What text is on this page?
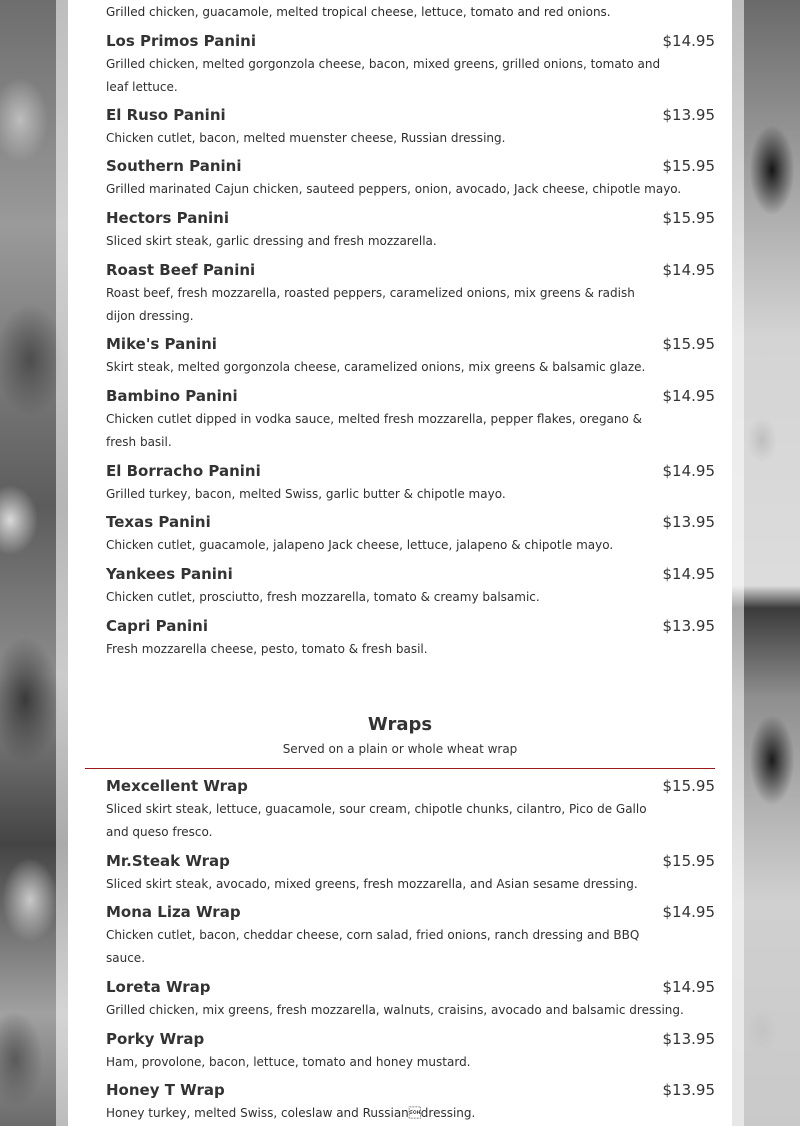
Grilled chicken, guacamole, melted tropical cheese, lettuce, tomato and red onions.
Los Primos Panini	$14.95
Grilled chicken, melted gorgonzola cheese, bacon, mixed greens, grilled onions, tomato and leaf lettuce.
El Ruso Panini	$13.95
Chicken cutlet, bacon, melted muenster cheese, Russian dressing.
Southern Panini	$15.95
Grilled marinated Cajun chicken, sauteed peppers, onion, avocado, Jack cheese, chipotle mayo.
Hectors Panini	$15.95
Sliced skirt steak, garlic dressing and fresh mozzarella.
Roast Beef Panini	$14.95
Roast beef, fresh mozzarella, roasted peppers, caramelized onions, mix greens & radish dijon dressing.
Mike's Panini	$15.95
Skirt steak, melted gorgonzola cheese, caramelized onions, mix greens & balsamic glaze.
Bambino Panini	$14.95
Chicken cutlet dipped in vodka sauce, melted fresh mozzarella, pepper flakes, oregano & fresh basil.
El Borracho Panini	$14.95
Grilled turkey, bacon, melted Swiss, garlic butter & chipotle mayo.
Texas Panini	$13.95
Chicken cutlet, guacamole, jalapeno Jack cheese, lettuce, jalapeno & chipotle mayo.
Yankees Panini	$14.95
Chicken cutlet, prosciutto, fresh mozzarella, tomato & creamy balsamic.
Capri Panini	$13.95
Fresh mozzarella cheese, pesto, tomato & fresh basil.
Wraps
Served on a plain or whole wheat wrap
Mexcellent Wrap	$15.95
Sliced skirt steak, lettuce, guacamole, sour cream, chipotle chunks, cilantro, Pico de Gallo and queso fresco.
Mr.Steak Wrap	$15.95
Sliced skirt steak, avocado, mixed greens, fresh mozzarella, and Asian sesame dressing.
Mona Liza Wrap	$14.95
Chicken cutlet, bacon, cheddar cheese, corn salad, fried onions, ranch dressing and BBQ sauce.
Loreta Wrap	$14.95
Grilled chicken, mix greens, fresh mozzarella, walnuts, craisins, avocado and balsamic dressing.
Porky Wrap	$13.95
Ham, provolone, bacon, lettuce, tomato and honey mustard.
Honey T Wrap	$13.95
Honey turkey, melted Swiss, coleslaw and Russiandressing.
